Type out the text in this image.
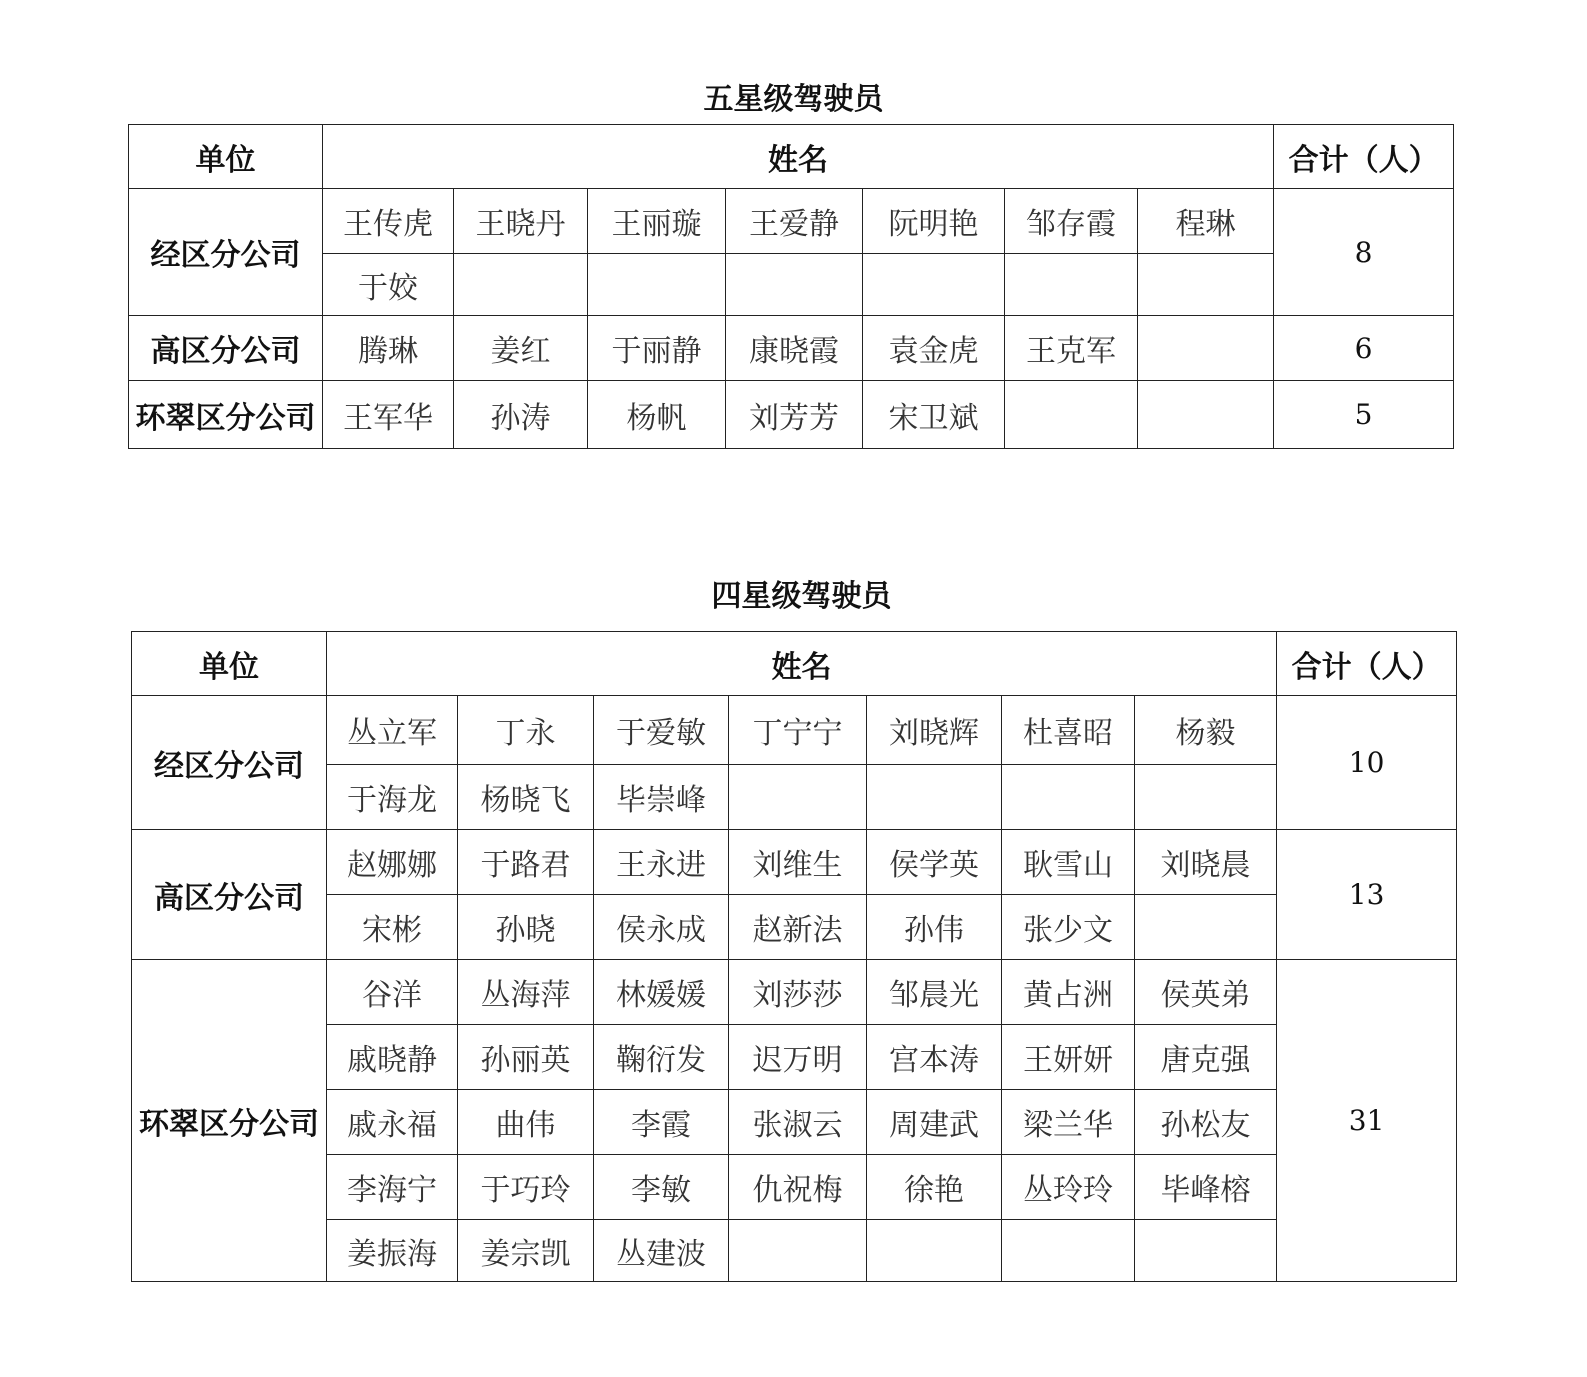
五星级驾驶员
单位	姓名							合计（人）
经区分公司	王传虎	王晓丹	王丽璇	王爱静	阮明艳	邹存霞	程琳	8
	于姣							
高区分公司	腾琳	姜红	于丽静	康晓霞	袁金虎	王克军		6
环翠区分公司	王军华	孙涛	杨帆	刘芳芳	宋卫斌			5
四星级驾驶员
单位	姓名							合计（人）
经区分公司	丛立军	丁永	于爱敏	丁宁宁	刘晓辉	杜喜昭	杨毅	10
	于海龙	杨晓飞	毕崇峰					
高区分公司	赵娜娜	于路君	王永进	刘维生	侯学英	耿雪山	刘晓晨	13
	宋彬	孙晓	侯永成	赵新法	孙伟	张少文		
环翠区分公司	谷洋	丛海萍	林媛媛	刘莎莎	邹晨光	黄占洲	侯英弟	31
	戚晓静	孙丽英	鞠衍发	迟万明	宫本涛	王妍妍	唐克强	
	戚永福	曲伟	李霞	张淑云	周建武	梁兰华	孙松友	
	李海宁	于巧玲	李敏	仇祝梅	徐艳	丛玲玲	毕峰榕	
	姜振海	姜宗凯	丛建波					
